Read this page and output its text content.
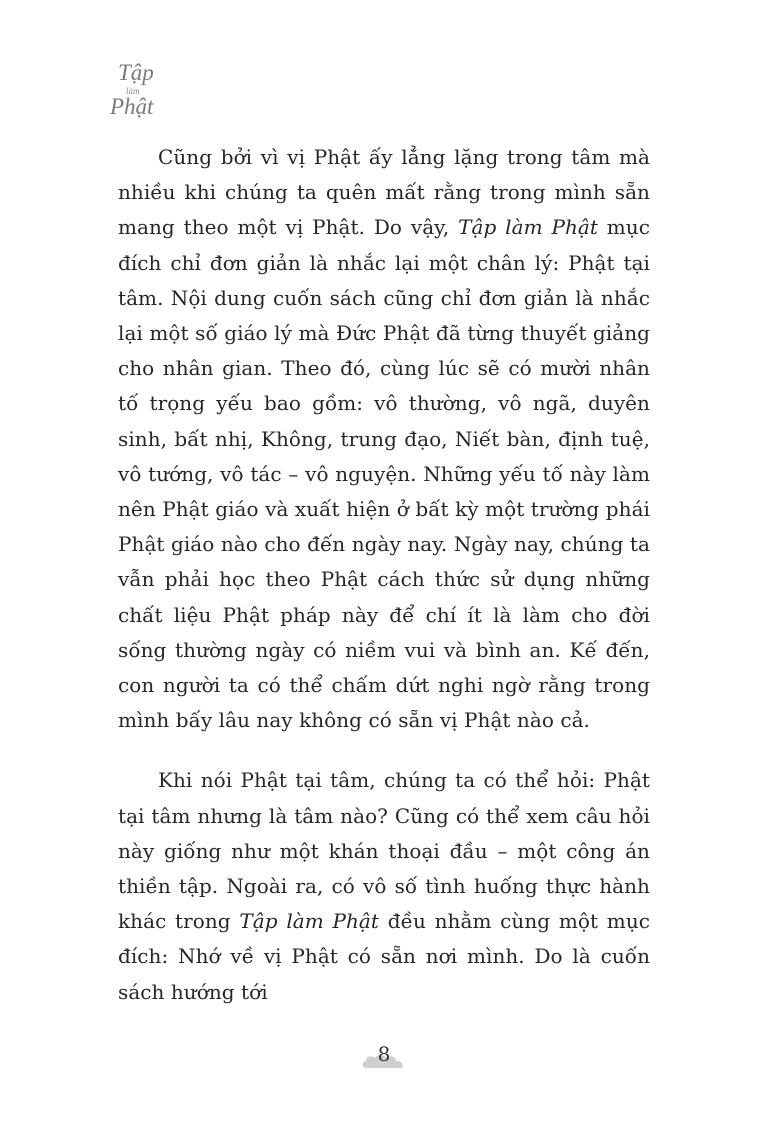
Tập
làm
Phật

Cũng bởi vì vị Phật ấy lẳng lặng trong tâm mà nhiều khi chúng ta quên mất rằng trong mình sẵn mang theo một vị Phật. Do vậy, Tập làm Phật mục đích chỉ đơn giản là nhắc lại một chân lý: Phật tại tâm. Nội dung cuốn sách cũng chỉ đơn giản là nhắc lại một số giáo lý mà Đức Phật đã từng thuyết giảng cho nhân gian. Theo đó, cùng lúc sẽ có mười nhân tố trọng yếu bao gồm: vô thường, vô ngã, duyên sinh, bất nhị, Không, trung đạo, Niết bàn, định tuệ, vô tướng, vô tác – vô nguyện. Những yếu tố này làm nên Phật giáo và xuất hiện ở bất kỳ một trường phái Phật giáo nào cho đến ngày nay. Ngày nay, chúng ta vẫn phải học theo Phật cách thức sử dụng những chất liệu Phật pháp này để chí ít là làm cho đời sống thường ngày có niềm vui và bình an. Kế đến, con người ta có thể chấm dứt nghi ngờ rằng trong mình bấy lâu nay không có sẵn vị Phật nào cả.

Khi nói Phật tại tâm, chúng ta có thể hỏi: Phật tại tâm nhưng là tâm nào? Cũng có thể xem câu hỏi này giống như một khán thoại đầu – một công án thiền tập. Ngoài ra, có vô số tình huống thực hành khác trong Tập làm Phật đều nhằm cùng một mục đích: Nhớ về vị Phật có sẵn nơi mình. Do là cuốn sách hướng tới

8
